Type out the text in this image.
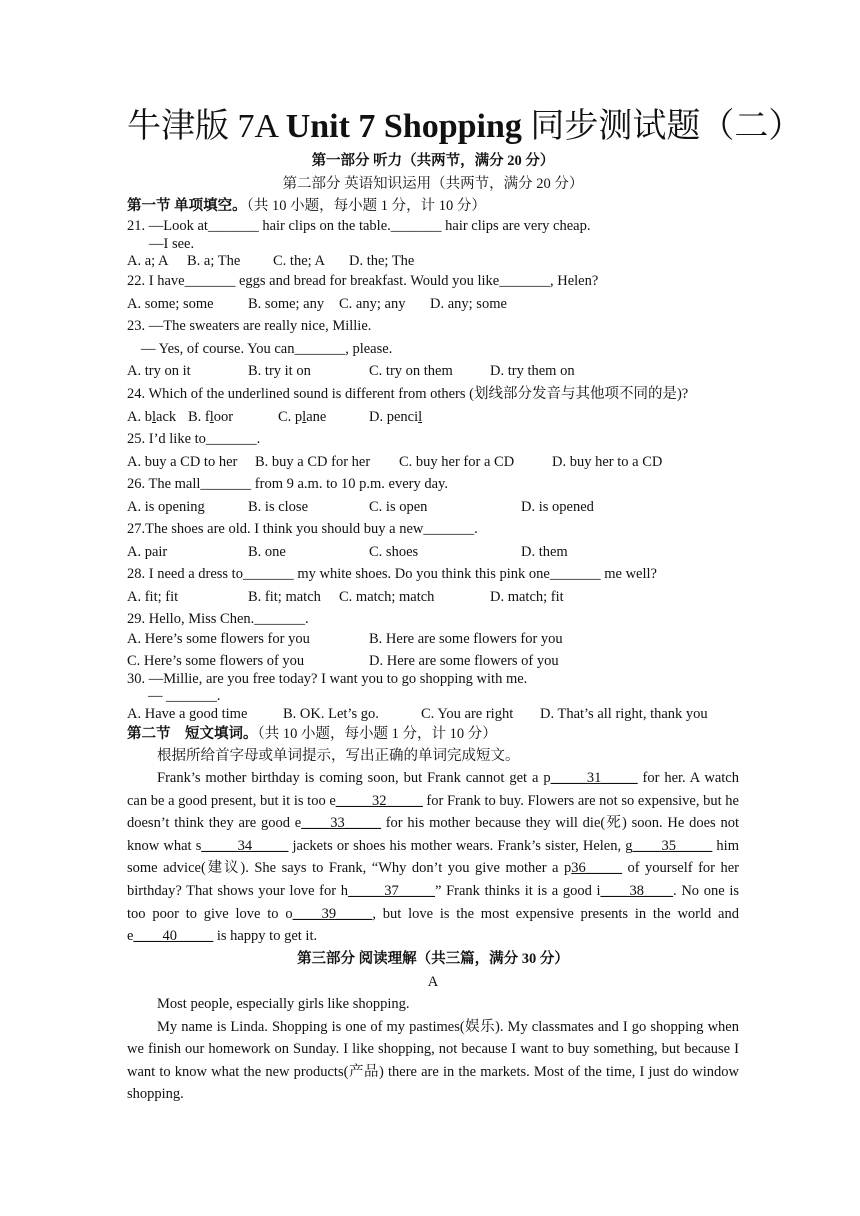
牛津版 7A Unit 7 Shopping 同步测试题（二）
第一部分 听力（共两节，满分 20 分）
第二部分 英语知识运用（共两节，满分 20 分）
第一节 单项填空。（共 10 小题，每小题 1 分，计 10 分）
21. —Look at_______ hair clips on the table._______ hair clips are very cheap.
—I see.
A. a; A B. a; The C. the; A D. the; The
22. I have_______ eggs and bread for breakfast. Would you like_______, Helen?
A. some; some B. some; any C. any; any D. any; some
23. —The sweaters are really nice, Millie.
— Yes, of course. You can_______, please.
A. try on it	B. try it on	C. try on them	D. try them on
24. Which of the underlined sound is different from others (划线部分发音与其他项不同的是)?
A. black B. floor	C. plane	D. pencil
25. I’d like to_______.
A. buy a CD to her B. buy a CD for her C. buy her for a CD	D. buy her to a CD
26. The mall_______ from 9 a.m. to 10 p.m. every day.
A. is opening	B. is close	C. is open	D. is opened
27.The shoes are old. I think you should buy a new_______.
A. pair	B. one	C. shoes	D. them
28. I need a dress to_______ my white shoes. Do you think this pink one_______ me well?
A. fit; fit	B. fit; match C. match; match	D. match; fit
29. Hello, Miss Chen._______.
A. Here’s some flowers for you	B. Here are some flowers for you
C. Here’s some flowers of you	D. Here are some flowers of you
30. —Millie, are you free today? I want you to go shopping with me.
— _______.
A. Have a good time B. OK. Let’s go.	C. You are right D. That’s all right, thank you
第二节　短文填词。（共 10 小题，每小题 1 分，计 10 分）
根据所给首字母或单词提示，写出正确的单词完成短文。

Frank’s mother birthday is coming soon, but Frank cannot get a p_____31_____ for her. A watch can be a good present, but it is too e_____32_____ for Frank to buy. Flowers are not so expensive, but he doesn’t think they are good e____33_____ for his mother because they will die(死) soon. He does not know what s_____34_____ jackets or shoes his mother wears. Frank’s sister, Helen, g____35_____ him some advice(建议). She says to Frank, “Why don’t you give mother a p36_____ of yourself for her birthday? That shows your love for h_____37_____” Frank thinks it is a good i____38____. No one is too poor to give love to o____39_____, but love is the most expensive presents in the world and e____40_____ is happy to get it.

第三部分 阅读理解（共三篇，满分 30 分）
A

Most people, especially girls like shopping.

My name is Linda. Shopping is one of my pastimes(娱乐). My classmates and I go shopping when we finish our homework on Sunday. I like shopping, not because I want to buy something, but because I want to know what the new products(产品) there are in the markets. Most of the time, I just do window shopping.
